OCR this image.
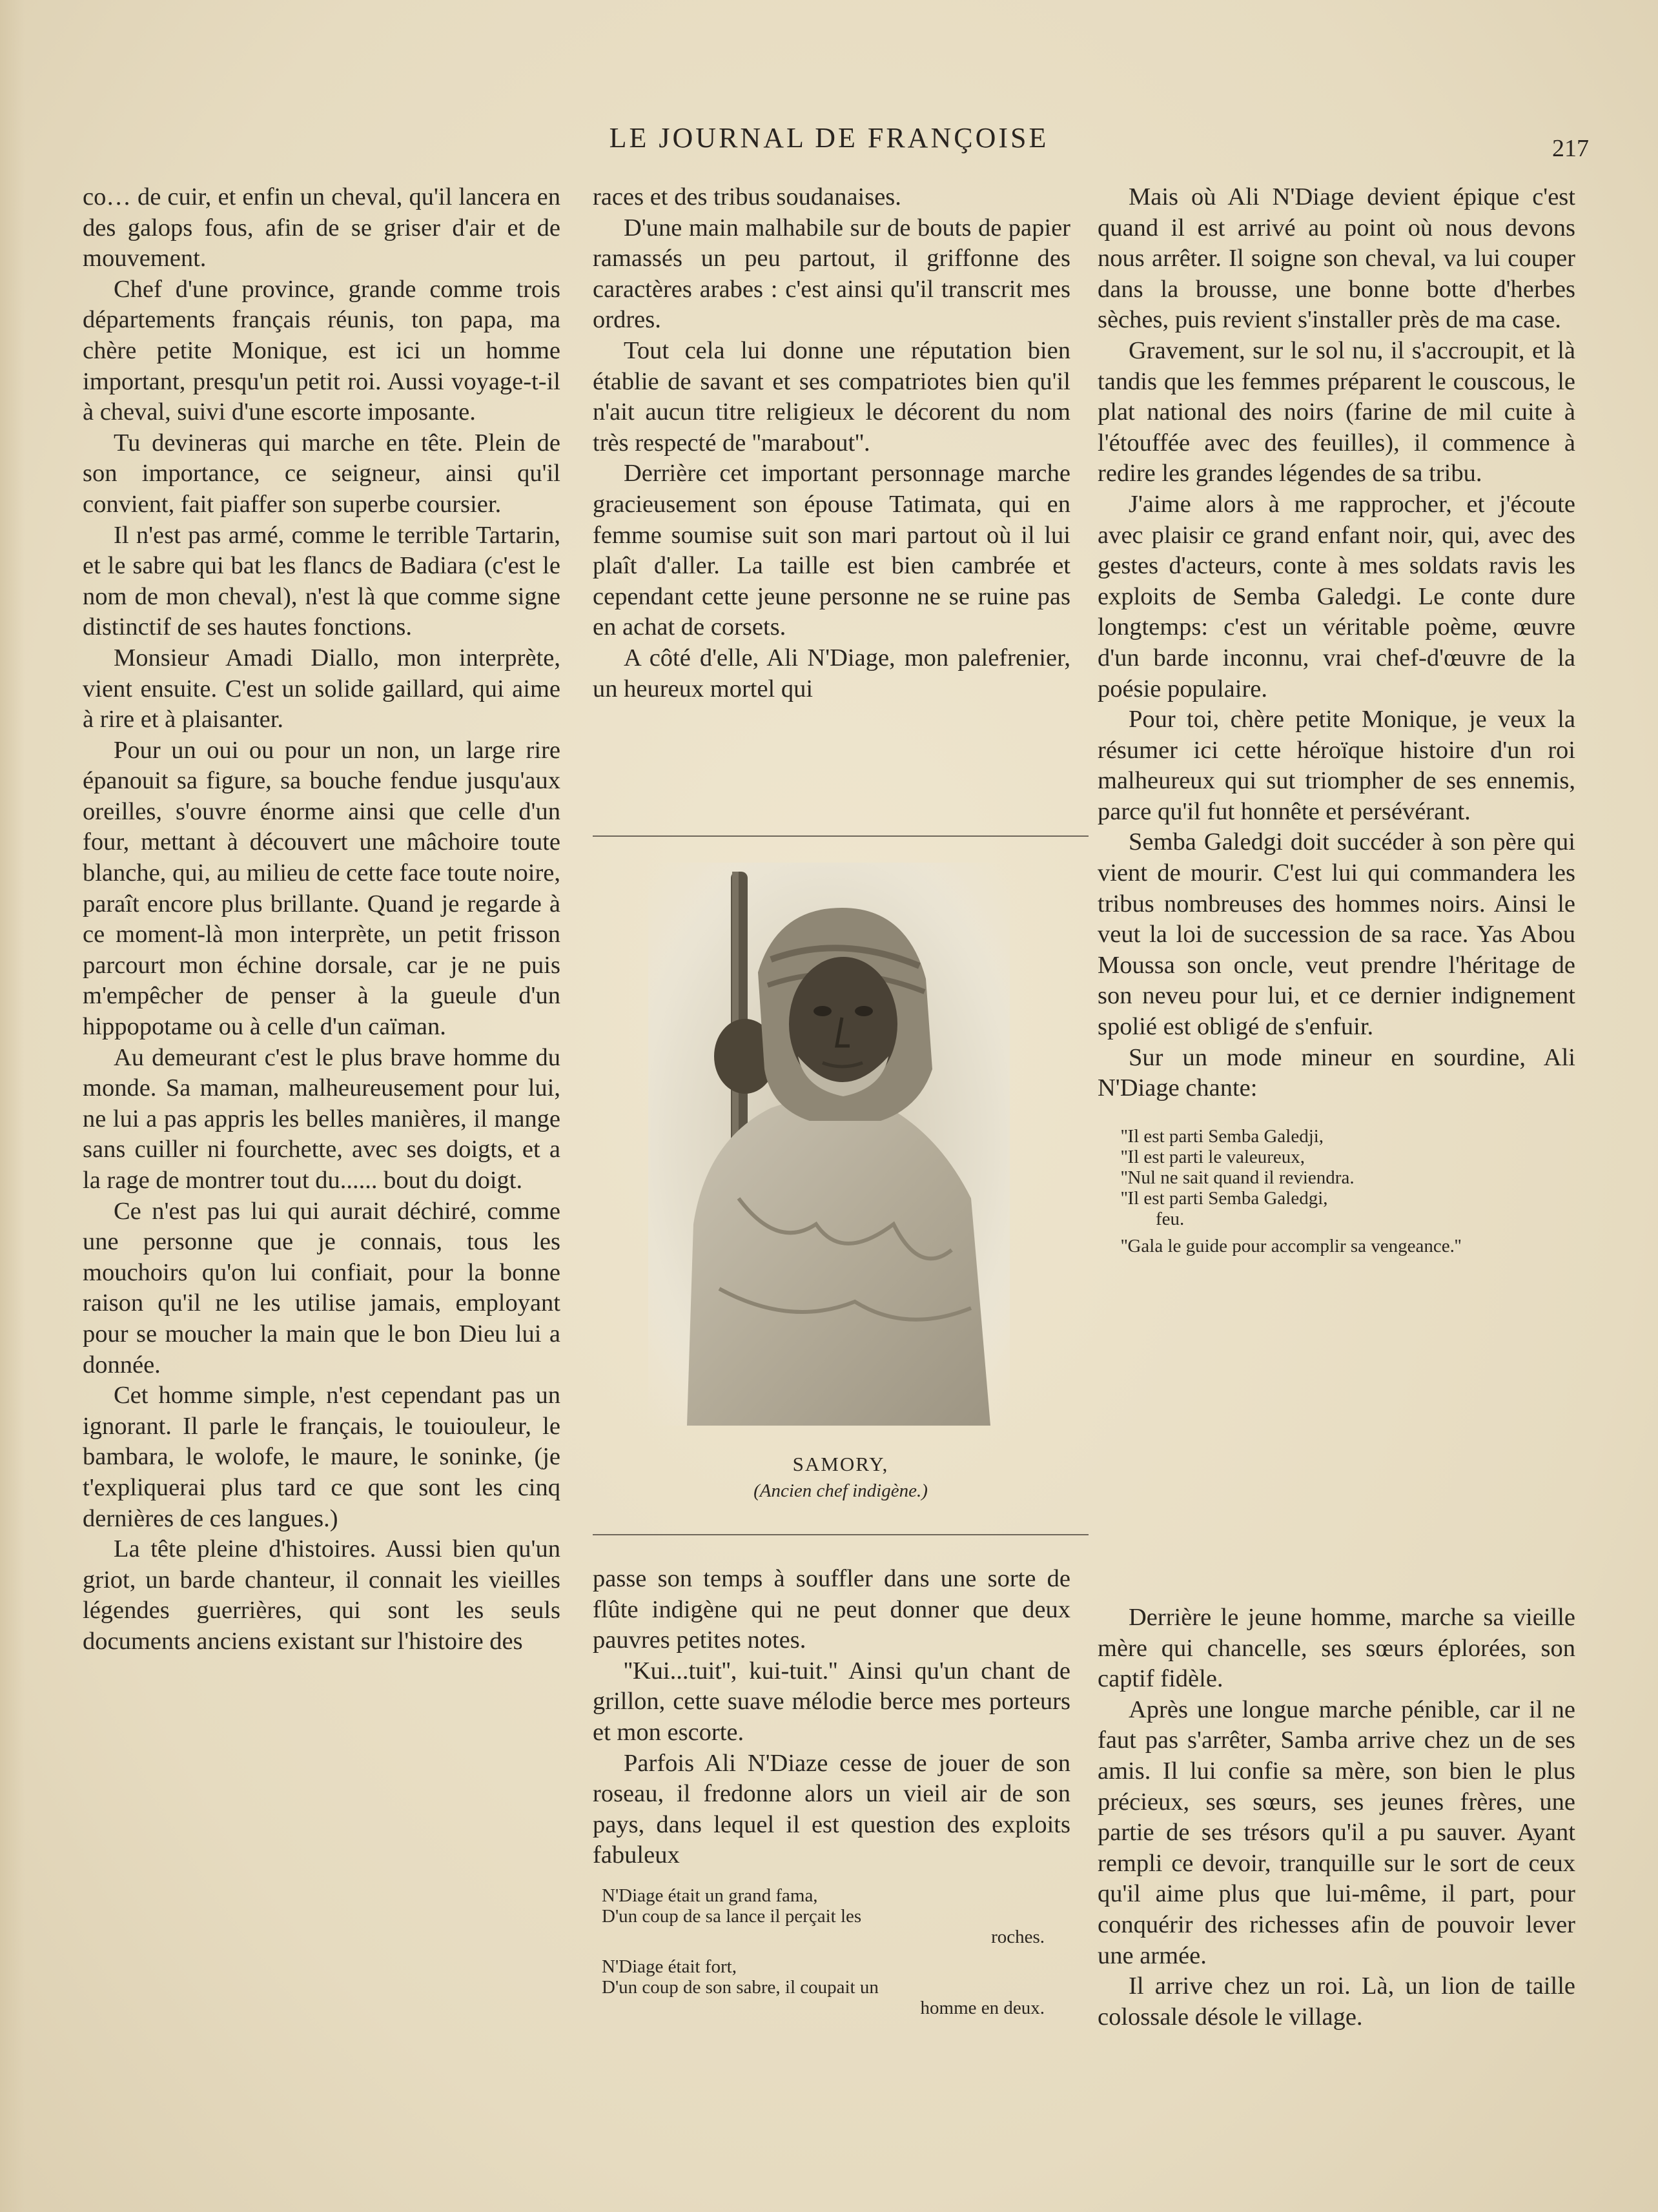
LE JOURNAL DE FRANÇOISE	217

co… de cuir, et enfin un cheval, qu'il lancera en des galops fous, afin de se griser d'air et de mouvement.

Chef d'une province, grande comme trois départements français réunis, ton papa, ma chère petite Monique, est ici un homme important, presqu'un petit roi. Aussi voyage-t-il à cheval, suivi d'une escorte imposante.

Tu devineras qui marche en tête. Plein de son importance, ce seigneur, ainsi qu'il convient, fait piaffer son superbe coursier.

Il n'est pas armé, comme le terrible Tartarin, et le sabre qui bat les flancs de Badiara (c'est le nom de mon cheval), n'est là que comme signe distinctif de ses hautes fonctions.

Monsieur Amadi Diallo, mon interprète, vient ensuite. C'est un solide gaillard, qui aime à rire et à plaisanter.

Pour un oui ou pour un non, un large rire épanouit sa figure, sa bouche fendue jusqu'aux oreilles, s'ouvre énorme ainsi que celle d'un four, mettant à découvert une mâchoire toute blanche, qui, au milieu de cette face toute noire, paraît encore plus brillante. Quand je regarde à ce moment-là mon interprète, un petit frisson parcourt mon échine dorsale, car je ne puis m'empêcher de penser à la gueule d'un hippopotame ou à celle d'un caïman.

Au demeurant c'est le plus brave homme du monde. Sa maman, malheureusement pour lui, ne lui a pas appris les belles manières, il mange sans cuiller ni fourchette, avec ses doigts, et a la rage de montrer tout du...... bout du doigt.

Ce n'est pas lui qui aurait déchiré, comme une personne que je connais, tous les mouchoirs qu'on lui confiait, pour la bonne raison qu'il ne les utilise jamais, employant pour se moucher la main que le bon Dieu lui a donnée.

Cet homme simple, n'est cependant pas un ignorant. Il parle le français, le touiouleur, le bambara, le wolofe, le maure, le soninke, (je t'expliquerai plus tard ce que sont les cinq dernières de ces langues.)

La tête pleine d'histoires. Aussi bien qu'un griot, un barde chanteur, il connait les vieilles légendes guerrières, qui sont les seuls documents anciens existant sur l'histoire des

races et des tribus soudanaises.

D'une main malhabile sur de bouts de papier ramassés un peu partout, il griffonne des caractères arabes : c'est ainsi qu'il transcrit mes ordres.

Tout cela lui donne une réputation bien établie de savant et ses compatriotes bien qu'il n'ait aucun titre religieux le décorent du nom très respecté de ''marabout''.

Derrière cet important personnage marche gracieusement son épouse Tatimata, qui en femme soumise suit son mari partout où il lui plaît d'aller. La taille est bien cambrée et cependant cette jeune personne ne se ruine pas en achat de corsets.

A côté d'elle, Ali N'Diage, mon palefrenier, un heureux mortel qui

passe son temps à souffler dans une sorte de flûte indigène qui ne peut donner que deux pauvres petites notes.

''Kui...tuit'', kui-tuit.'' Ainsi qu'un chant de grillon, cette suave mélodie berce mes porteurs et mon escorte.

Parfois Ali N'Diaze cesse de jouer de son roseau, il fredonne alors un vieil air de son pays, dans lequel il est question des exploits fabuleux

N'Diage était un grand fama,
D'un coup de sa lance il perçait les
roches.
N'Diage était fort,
D'un coup de son sabre, il coupait un
homme en deux.
SAMORY,
(Ancien chef indigène.)

Mais où Ali N'Diage devient épique c'est quand il est arrivé au point où nous devons nous arrêter. Il soigne son cheval, va lui couper dans la brousse, une bonne botte d'herbes sèches, puis revient s'installer près de ma case.

Gravement, sur le sol nu, il s'accroupit, et là tandis que les femmes préparent le couscous, le plat national des noirs (farine de mil cuite à l'étouffée avec des feuilles), il commence à redire les grandes légendes de sa tribu.

J'aime alors à me rapprocher, et j'écoute avec plaisir ce grand enfant noir, qui, avec des gestes d'acteurs, conte à mes soldats ravis les exploits de Semba Galedgi. Le conte dure longtemps: c'est un véritable poème, œuvre d'un barde inconnu, vrai chef-d'œuvre de la poésie populaire.

Pour toi, chère petite Monique, je veux la résumer ici cette héroïque histoire d'un roi malheureux qui sut triompher de ses ennemis, parce qu'il fut honnête et persévérant.

Semba Galedgi doit succéder à son père qui vient de mourir. C'est lui qui commandera les tribus nombreuses des hommes noirs. Ainsi le veut la loi de succession de sa race. Yas Abou Moussa son oncle, veut prendre l'héritage de son neveu pour lui, et ce dernier indignement spolié est obligé de s'enfuir.

Sur un mode mineur en sourdine, Ali N'Diage chante:

''Il est parti Semba Galedji,
''Il est parti le valeureux,
''Nul ne sait quand il reviendra.
''Il est parti Semba Galedgi,
feu.
''Gala le guide pour accomplir sa vengeance.''

Derrière le jeune homme, marche sa vieille mère qui chancelle, ses sœurs éplorées, son captif fidèle.

Après une longue marche pénible, car il ne faut pas s'arrêter, Samba arrive chez un de ses amis. Il lui confie sa mère, son bien le plus précieux, ses sœurs, ses jeunes frères, une partie de ses trésors qu'il a pu sauver. Ayant rempli ce devoir, tranquille sur le sort de ceux qu'il aime plus que lui-même, il part, pour conquérir des richesses afin de pouvoir lever une armée.

Il arrive chez un roi. Là, un lion de taille colossale désole le village.
